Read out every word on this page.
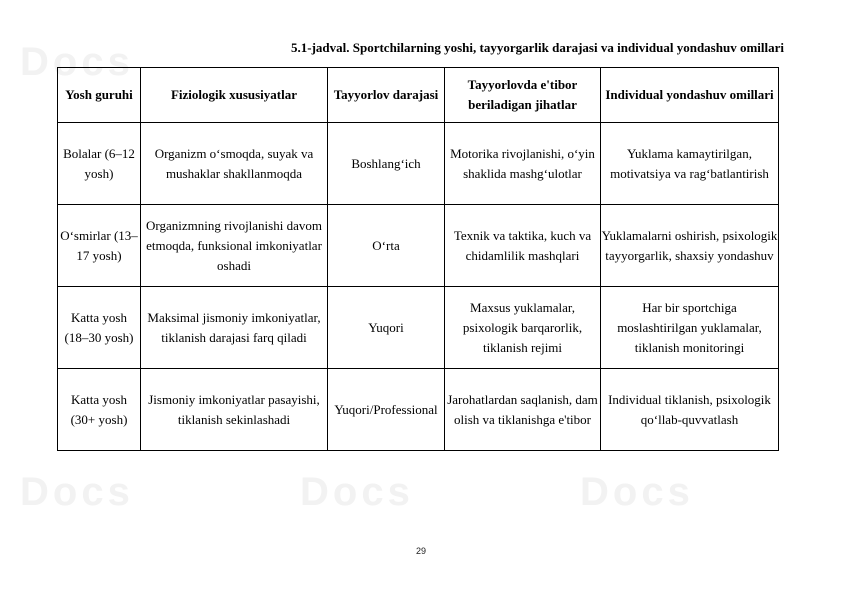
Docs
Docs	Docs	Docs
5.1-jadval. Sportchilarning yoshi, tayyorgarlik darajasi va individual yondashuv omillari
Yosh guruhi	Fiziologik xususiyatlar	Tayyorlov darajasi	Tayyorlovda e'tibor beriladigan jihatlar	Individual yondashuv omillari
Bolalar (6–12 yosh)	Organizm oʻsmoqda, suyak va mushaklar shakllanmoqda	Boshlangʻich	Motorika rivojlanishi, oʻyin shaklida mashgʻulotlar	Yuklama kamaytirilgan, motivatsiya va ragʻbatlantirish
Oʻsmirlar (13–17 yosh)	Organizmning rivojlanishi davom etmoqda, funksional imkoniyatlar oshadi	Oʻrta	Texnik va taktika, kuch va chidamlilik mashqlari	Yuklamalarni oshirish, psixologik tayyorgarlik, shaxsiy yondashuv
Katta yosh (18–30 yosh)	Maksimal jismoniy imkoniyatlar, tiklanish darajasi farq qiladi	Yuqori	Maxsus yuklamalar, psixologik barqarorlik, tiklanish rejimi	Har bir sportchiga moslashtirilgan yuklamalar, tiklanish monitoringi
Katta yosh (30+ yosh)	Jismoniy imkoniyatlar pasayishi, tiklanish sekinlashadi	Yuqori/Professional	Jarohatlardan saqlanish, dam olish va tiklanishga e'tibor	Individual tiklanish, psixologik qoʻllab-quvvatlash
29
